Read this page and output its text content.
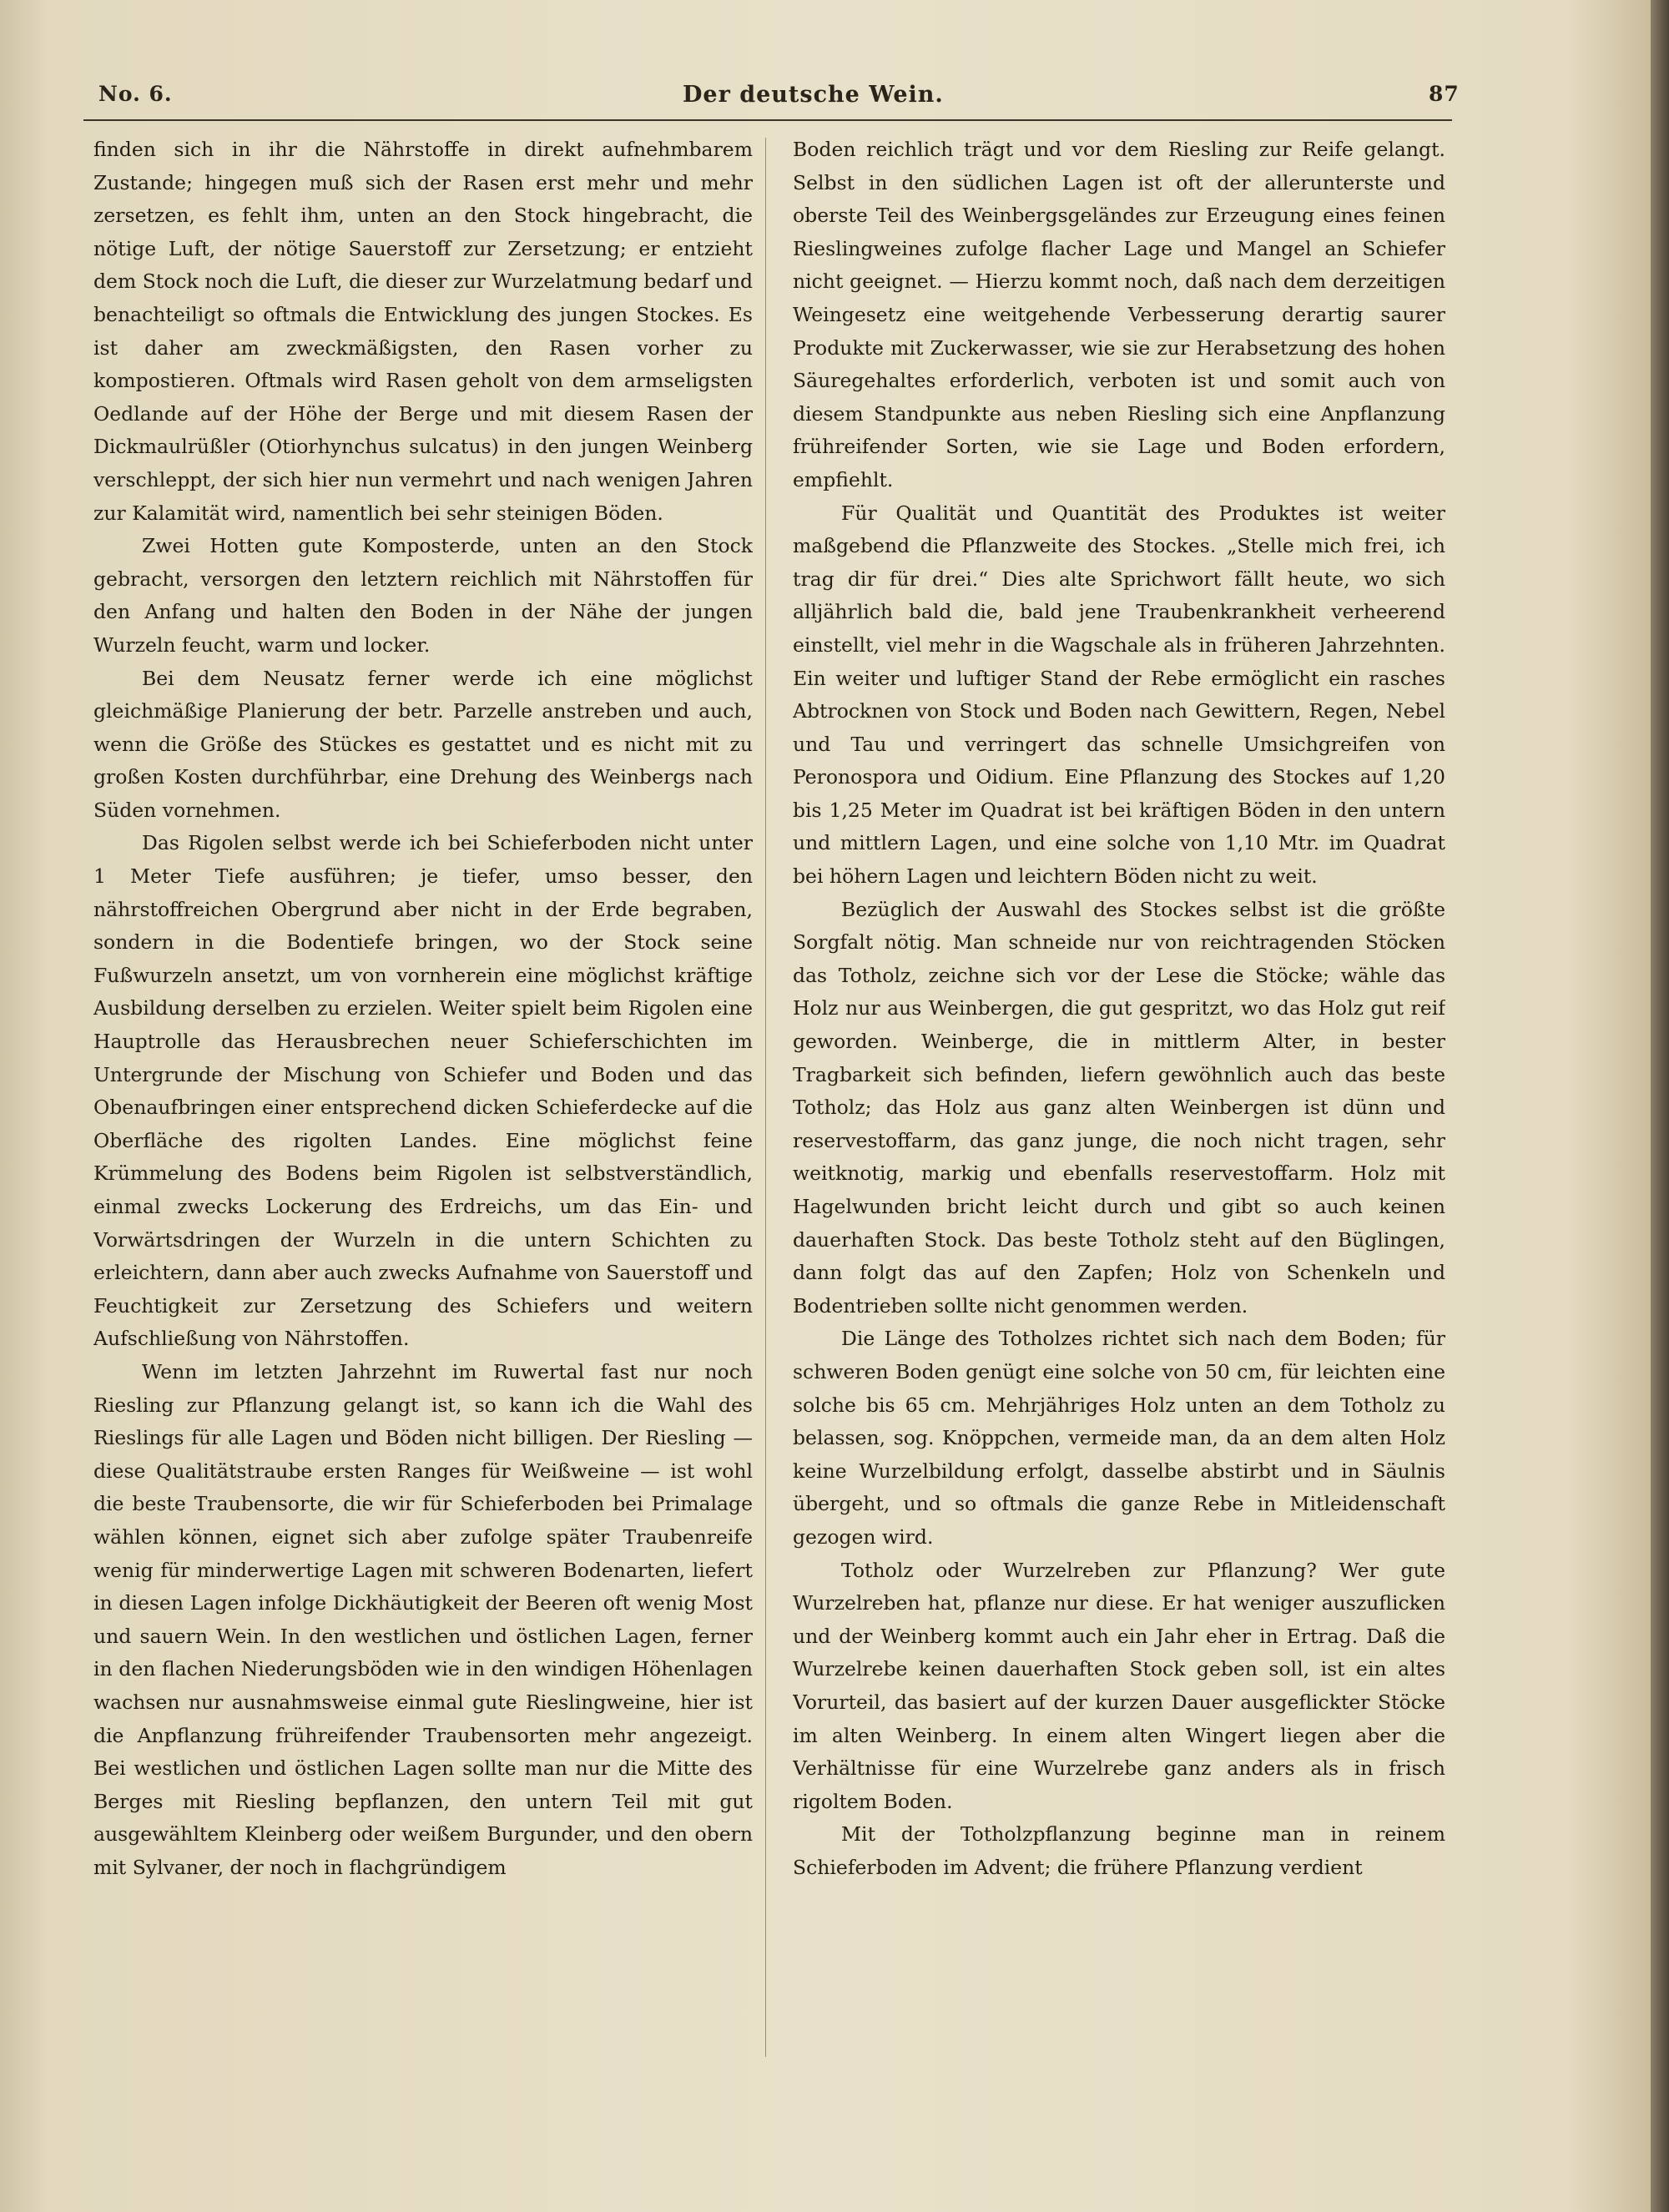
No. 6.	Der deutsche Wein.	87

finden sich in ihr die Nährstoffe in direkt aufnehmbarem Zustande; hingegen muß sich der Rasen erst mehr und mehr zersetzen, es fehlt ihm, unten an den Stock hingebracht, die nötige Luft, der nötige Sauerstoff zur Zersetzung; er entzieht dem Stock noch die Luft, die dieser zur Wurzelatmung bedarf und benachteiligt so oftmals die Entwicklung des jungen Stockes. Es ist daher am zweckmäßigsten, den Rasen vorher zu kompostieren. Oftmals wird Rasen geholt von dem armseligsten Oedlande auf der Höhe der Berge und mit diesem Rasen der Dickmaulrüßler (Otiorhynchus sulcatus) in den jungen Weinberg verschleppt, der sich hier nun vermehrt und nach wenigen Jahren zur Kalamität wird, namentlich bei sehr steinigen Böden.

Zwei Hotten gute Komposterde, unten an den Stock gebracht, versorgen den letztern reichlich mit Nährstoffen für den Anfang und halten den Boden in der Nähe der jungen Wurzeln feucht, warm und locker.

Bei dem Neusatz ferner werde ich eine möglichst gleichmäßige Planierung der betr. Parzelle anstreben und auch, wenn die Größe des Stückes es gestattet und es nicht mit zu großen Kosten durchführbar, eine Drehung des Weinbergs nach Süden vornehmen.

Das Rigolen selbst werde ich bei Schieferboden nicht unter 1 Meter Tiefe ausführen; je tiefer, umso besser, den nährstoffreichen Obergrund aber nicht in der Erde begraben, sondern in die Bodentiefe bringen, wo der Stock seine Fußwurzeln ansetzt, um von vornherein eine möglichst kräftige Ausbildung derselben zu erzielen. Weiter spielt beim Rigolen eine Hauptrolle das Herausbrechen neuer Schieferschichten im Untergrunde der Mischung von Schiefer und Boden und das Obenaufbringen einer entsprechend dicken Schieferdecke auf die Oberfläche des rigolten Landes. Eine möglichst feine Krümmelung des Bodens beim Rigolen ist selbstverständlich, einmal zwecks Lockerung des Erdreichs, um das Ein- und Vorwärtsdringen der Wurzeln in die untern Schichten zu erleichtern, dann aber auch zwecks Aufnahme von Sauerstoff und Feuchtigkeit zur Zersetzung des Schiefers und weitern Aufschließung von Nährstoffen.

Wenn im letzten Jahrzehnt im Ruwertal fast nur noch Riesling zur Pflanzung gelangt ist, so kann ich die Wahl des Rieslings für alle Lagen und Böden nicht billigen. Der Riesling — diese Qualitätstraube ersten Ranges für Weißweine — ist wohl die beste Traubensorte, die wir für Schieferboden bei Primalage wählen können, eignet sich aber zufolge später Traubenreife wenig für minderwertige Lagen mit schweren Bodenarten, liefert in diesen Lagen infolge Dickhäutigkeit der Beeren oft wenig Most und sauern Wein. In den westlichen und östlichen Lagen, ferner in den flachen Niederungsböden wie in den windigen Höhenlagen wachsen nur ausnahmsweise einmal gute Rieslingweine, hier ist die Anpflanzung frühreifender Traubensorten mehr angezeigt. Bei westlichen und östlichen Lagen sollte man nur die Mitte des Berges mit Riesling bepflanzen, den untern Teil mit gut ausgewähltem Kleinberg oder weißem Burgunder, und den obern mit Sylvaner, der noch in flachgründigem

Boden reichlich trägt und vor dem Riesling zur Reife gelangt. Selbst in den südlichen Lagen ist oft der allerunterste und oberste Teil des Weinbergsgeländes zur Erzeugung eines feinen Rieslingweines zufolge flacher Lage und Mangel an Schiefer nicht geeignet. — Hierzu kommt noch, daß nach dem derzeitigen Weingesetz eine weitgehende Verbesserung derartig saurer Produkte mit Zuckerwasser, wie sie zur Herabsetzung des hohen Säuregehaltes erforderlich, verboten ist und somit auch von diesem Standpunkte aus neben Riesling sich eine Anpflanzung frühreifender Sorten, wie sie Lage und Boden erfordern, empfiehlt.

Für Qualität und Quantität des Produktes ist weiter maßgebend die Pflanzweite des Stockes. „Stelle mich frei, ich trag dir für drei.“ Dies alte Sprichwort fällt heute, wo sich alljährlich bald die, bald jene Traubenkrankheit verheerend einstellt, viel mehr in die Wagschale als in früheren Jahrzehnten. Ein weiter und luftiger Stand der Rebe ermöglicht ein rasches Abtrocknen von Stock und Boden nach Gewittern, Regen, Nebel und Tau und verringert das schnelle Umsichgreifen von Peronospora und Oidium. Eine Pflanzung des Stockes auf 1,20 bis 1,25 Meter im Quadrat ist bei kräftigen Böden in den untern und mittlern Lagen, und eine solche von 1,10 Mtr. im Quadrat bei höhern Lagen und leichtern Böden nicht zu weit.

Bezüglich der Auswahl des Stockes selbst ist die größte Sorgfalt nötig. Man schneide nur von reichtragenden Stöcken das Totholz, zeichne sich vor der Lese die Stöcke; wähle das Holz nur aus Weinbergen, die gut gespritzt, wo das Holz gut reif geworden. Weinberge, die in mittlerm Alter, in bester Tragbarkeit sich befinden, liefern gewöhnlich auch das beste Totholz; das Holz aus ganz alten Weinbergen ist dünn und reservestoffarm, das ganz junge, die noch nicht tragen, sehr weitknotig, markig und ebenfalls reservestoffarm. Holz mit Hagelwunden bricht leicht durch und gibt so auch keinen dauerhaften Stock. Das beste Totholz steht auf den Büglingen, dann folgt das auf den Zapfen; Holz von Schenkeln und Bodentrieben sollte nicht genommen werden.

Die Länge des Totholzes richtet sich nach dem Boden; für schweren Boden genügt eine solche von 50 cm, für leichten eine solche bis 65 cm. Mehrjähriges Holz unten an dem Totholz zu belassen, sog. Knöppchen, vermeide man, da an dem alten Holz keine Wurzelbildung erfolgt, dasselbe abstirbt und in Säulnis übergeht, und so oftmals die ganze Rebe in Mitleidenschaft gezogen wird.

Totholz oder Wurzelreben zur Pflanzung? Wer gute Wurzelreben hat, pflanze nur diese. Er hat weniger auszuflicken und der Weinberg kommt auch ein Jahr eher in Ertrag. Daß die Wurzelrebe keinen dauerhaften Stock geben soll, ist ein altes Vorurteil, das basiert auf der kurzen Dauer ausgeflickter Stöcke im alten Weinberg. In einem alten Wingert liegen aber die Verhältnisse für eine Wurzelrebe ganz anders als in frisch rigoltem Boden.

Mit der Totholzpflanzung beginne man in reinem Schieferboden im Advent; die frühere Pflanzung verdient
